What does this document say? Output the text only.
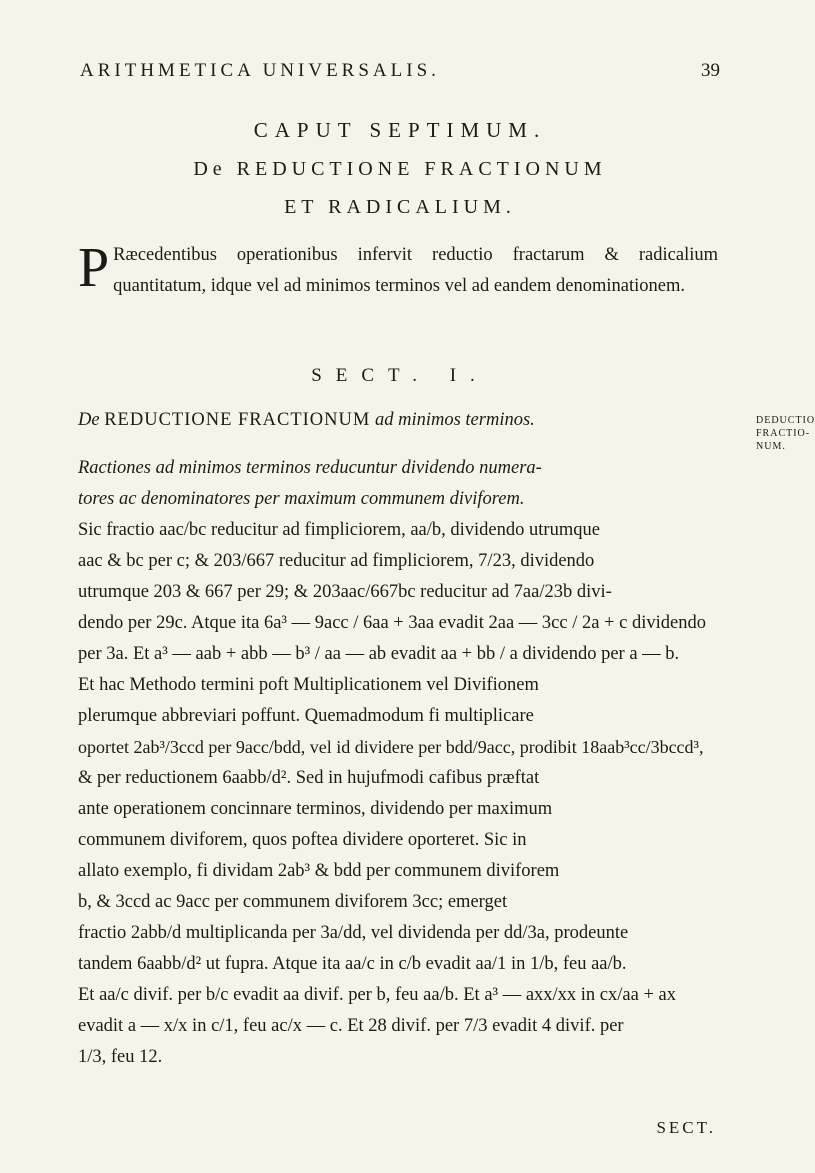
ARITHMETICA UNIVERSALIS.	39
CAPUT SEPTIMUM.
De REDUCTIONE FRACTIONUM
ET RADICALIUM.
P Ræcedentibus operationibus infervit reductio fractarum & radicalium quantitatum, idque vel ad minimos terminos vel ad eandem denominationem.
SECT. I.
De REDUCTIONE FRACTIONUM ad minimos terminos.	DEDUCTIO FRACTIO-NUM.
Ractiones ad minimos terminos reducuntur dividendo numera-
tores ac denominatores per maximum communem diviforem.
Sic fractio aac/bc reducitur ad fimpliciorem, aa/b, dividendo utrumque
aac & bc per c; & 203/667 reducitur ad fimpliciorem, 7/23, dividendo
utrumque 203 & 667 per 29; & 203aac/667bc reducitur ad 7aa/23b divi-
dendo per 29c. Atque ita 6a³ — 9acc / 6aa + 3aa evadit 2aa — 3cc / 2a + c dividendo
per 3a. Et a³ — aab + abb — b³ / aa — ab evadit aa + bb / a dividendo per a — b.
Et hac Methodo termini poft Multiplicationem vel Divifionem
plerumque abbreviari poffunt. Quemadmodum fi multiplicare
oportet 2ab³/3ccd per 9acc/bdd, vel id dividere per bdd/9acc, prodibit 18aab³cc/3bccd³,
& per reductionem 6aabb/d². Sed in hujufmodi cafibus præftat
ante operationem concinnare terminos, dividendo per maximum
communem diviforem, quos poftea dividere oporteret. Sic in
allato exemplo, fi dividam 2ab³ & bdd per communem diviforem
b, & 3ccd ac 9acc per communem diviforem 3cc; emerget
fractio 2abb/d multiplicanda per 3a/dd, vel dividenda per dd/3a, prodeunte
tandem 6aabb/d² ut fupra. Atque ita aa/c in c/b evadit aa/1 in 1/b, feu aa/b.
Et aa/c divif. per b/c evadit aa divif. per b, feu aa/b. Et a³ — axx/xx in cx/aa + ax
evadit a — x/x in c/1, feu ac/x — c. Et 28 divif. per 7/3 evadit 4 divif. per
1/3, feu 12.
SECT.
